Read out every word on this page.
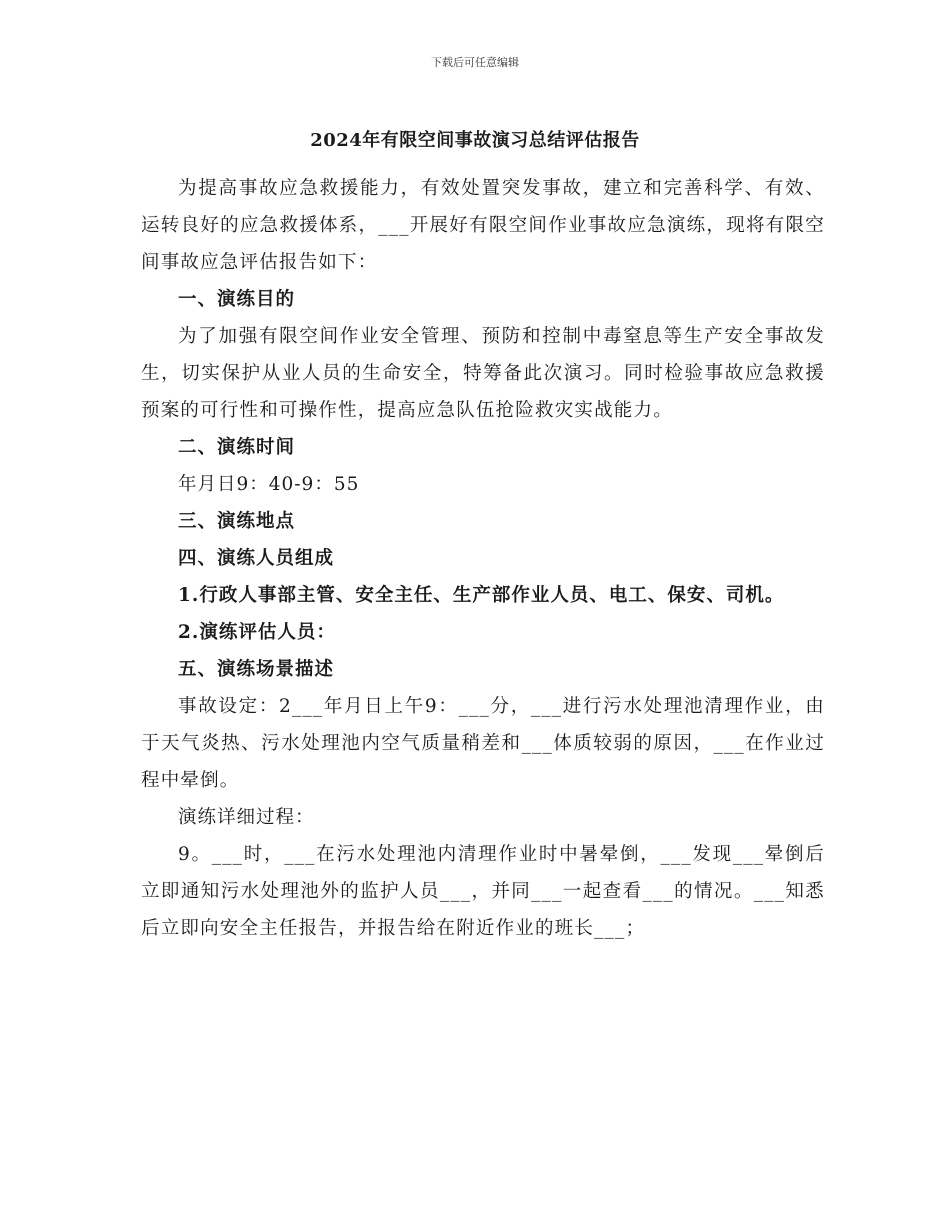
下载后可任意编辑
2024年有限空间事故演习总结评估报告

为提高事故应急救援能力，有效处置突发事故，建立和完善科学、有效、运转良好的应急救援体系，___开展好有限空间作业事故应急演练，现将有限空间事故应急评估报告如下：

一、演练目的

为了加强有限空间作业安全管理、预防和控制中毒窒息等生产安全事故发生，切实保护从业人员的生命安全，特筹备此次演习。同时检验事故应急救援预案的可行性和可操作性，提高应急队伍抢险救灾实战能力。

二、演练时间

年月日9：40-9：55

三、演练地点

四、演练人员组成

1.行政人事部主管、安全主任、生产部作业人员、电工、保安、司机。

2.演练评估人员：

五、演练场景描述

事故设定：2___年月日上午9：___分，___进行污水处理池清理作业，由于天气炎热、污水处理池内空气质量稍差和___体质较弱的原因，___在作业过程中晕倒。

演练详细过程：

9。___时，___在污水处理池内清理作业时中暑晕倒，___发现___晕倒后立即通知污水处理池外的监护人员___，并同___一起查看___的情况。___知悉后立即向安全主任报告，并报告给在附近作业的班长___；
